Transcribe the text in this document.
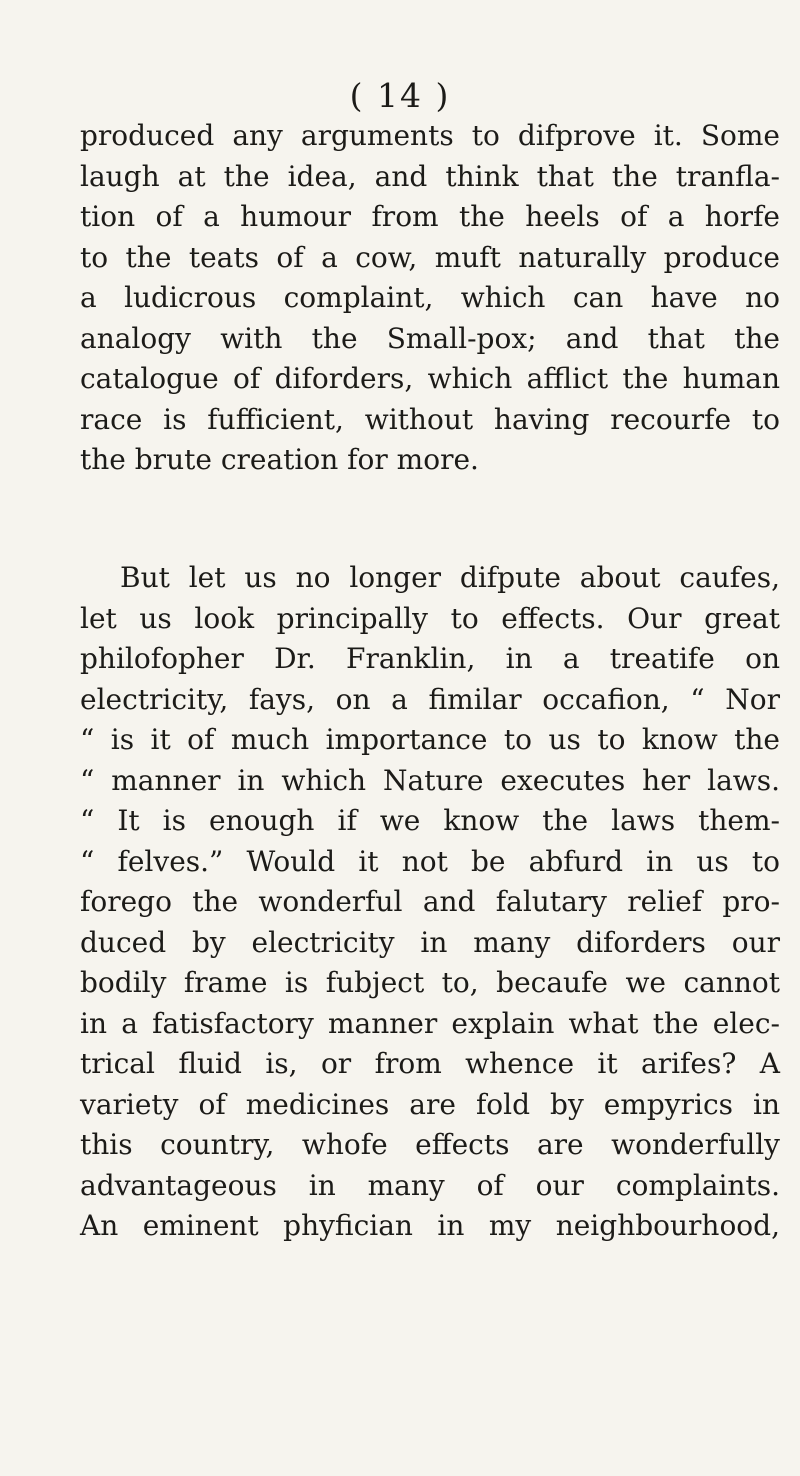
( 14 )
produced any arguments to difprove it. Some
laugh at the idea, and think that the tranfla-
tion of a humour from the heels of a horfe
to the teats of a cow, muft naturally produce
a ludicrous complaint, which can have no
analogy with the Small-pox; and that the
catalogue of diforders, which afflict the human
race is fufficient, without having recourfe to
the brute creation for more.
But let us no longer difpute about caufes,
let us look principally to effects. Our great
philofopher Dr. Franklin, in a treatife on
electricity, fays, on a fimilar occafion, “ Nor
“ is it of much importance to us to know the
“ manner in which Nature executes her laws.
“ It is enough if we know the laws them-
“ felves.” Would it not be abfurd in us to
forego the wonderful and falutary relief pro-
duced by electricity in many diforders our
bodily frame is fubject to, becaufe we cannot
in a fatisfactory manner explain what the elec-
trical fluid is, or from whence it arifes? A
variety of medicines are fold by empyrics in
this country, whofe effects are wonderfully
advantageous in many of our complaints.
An eminent phyfician in my neighbourhood,
